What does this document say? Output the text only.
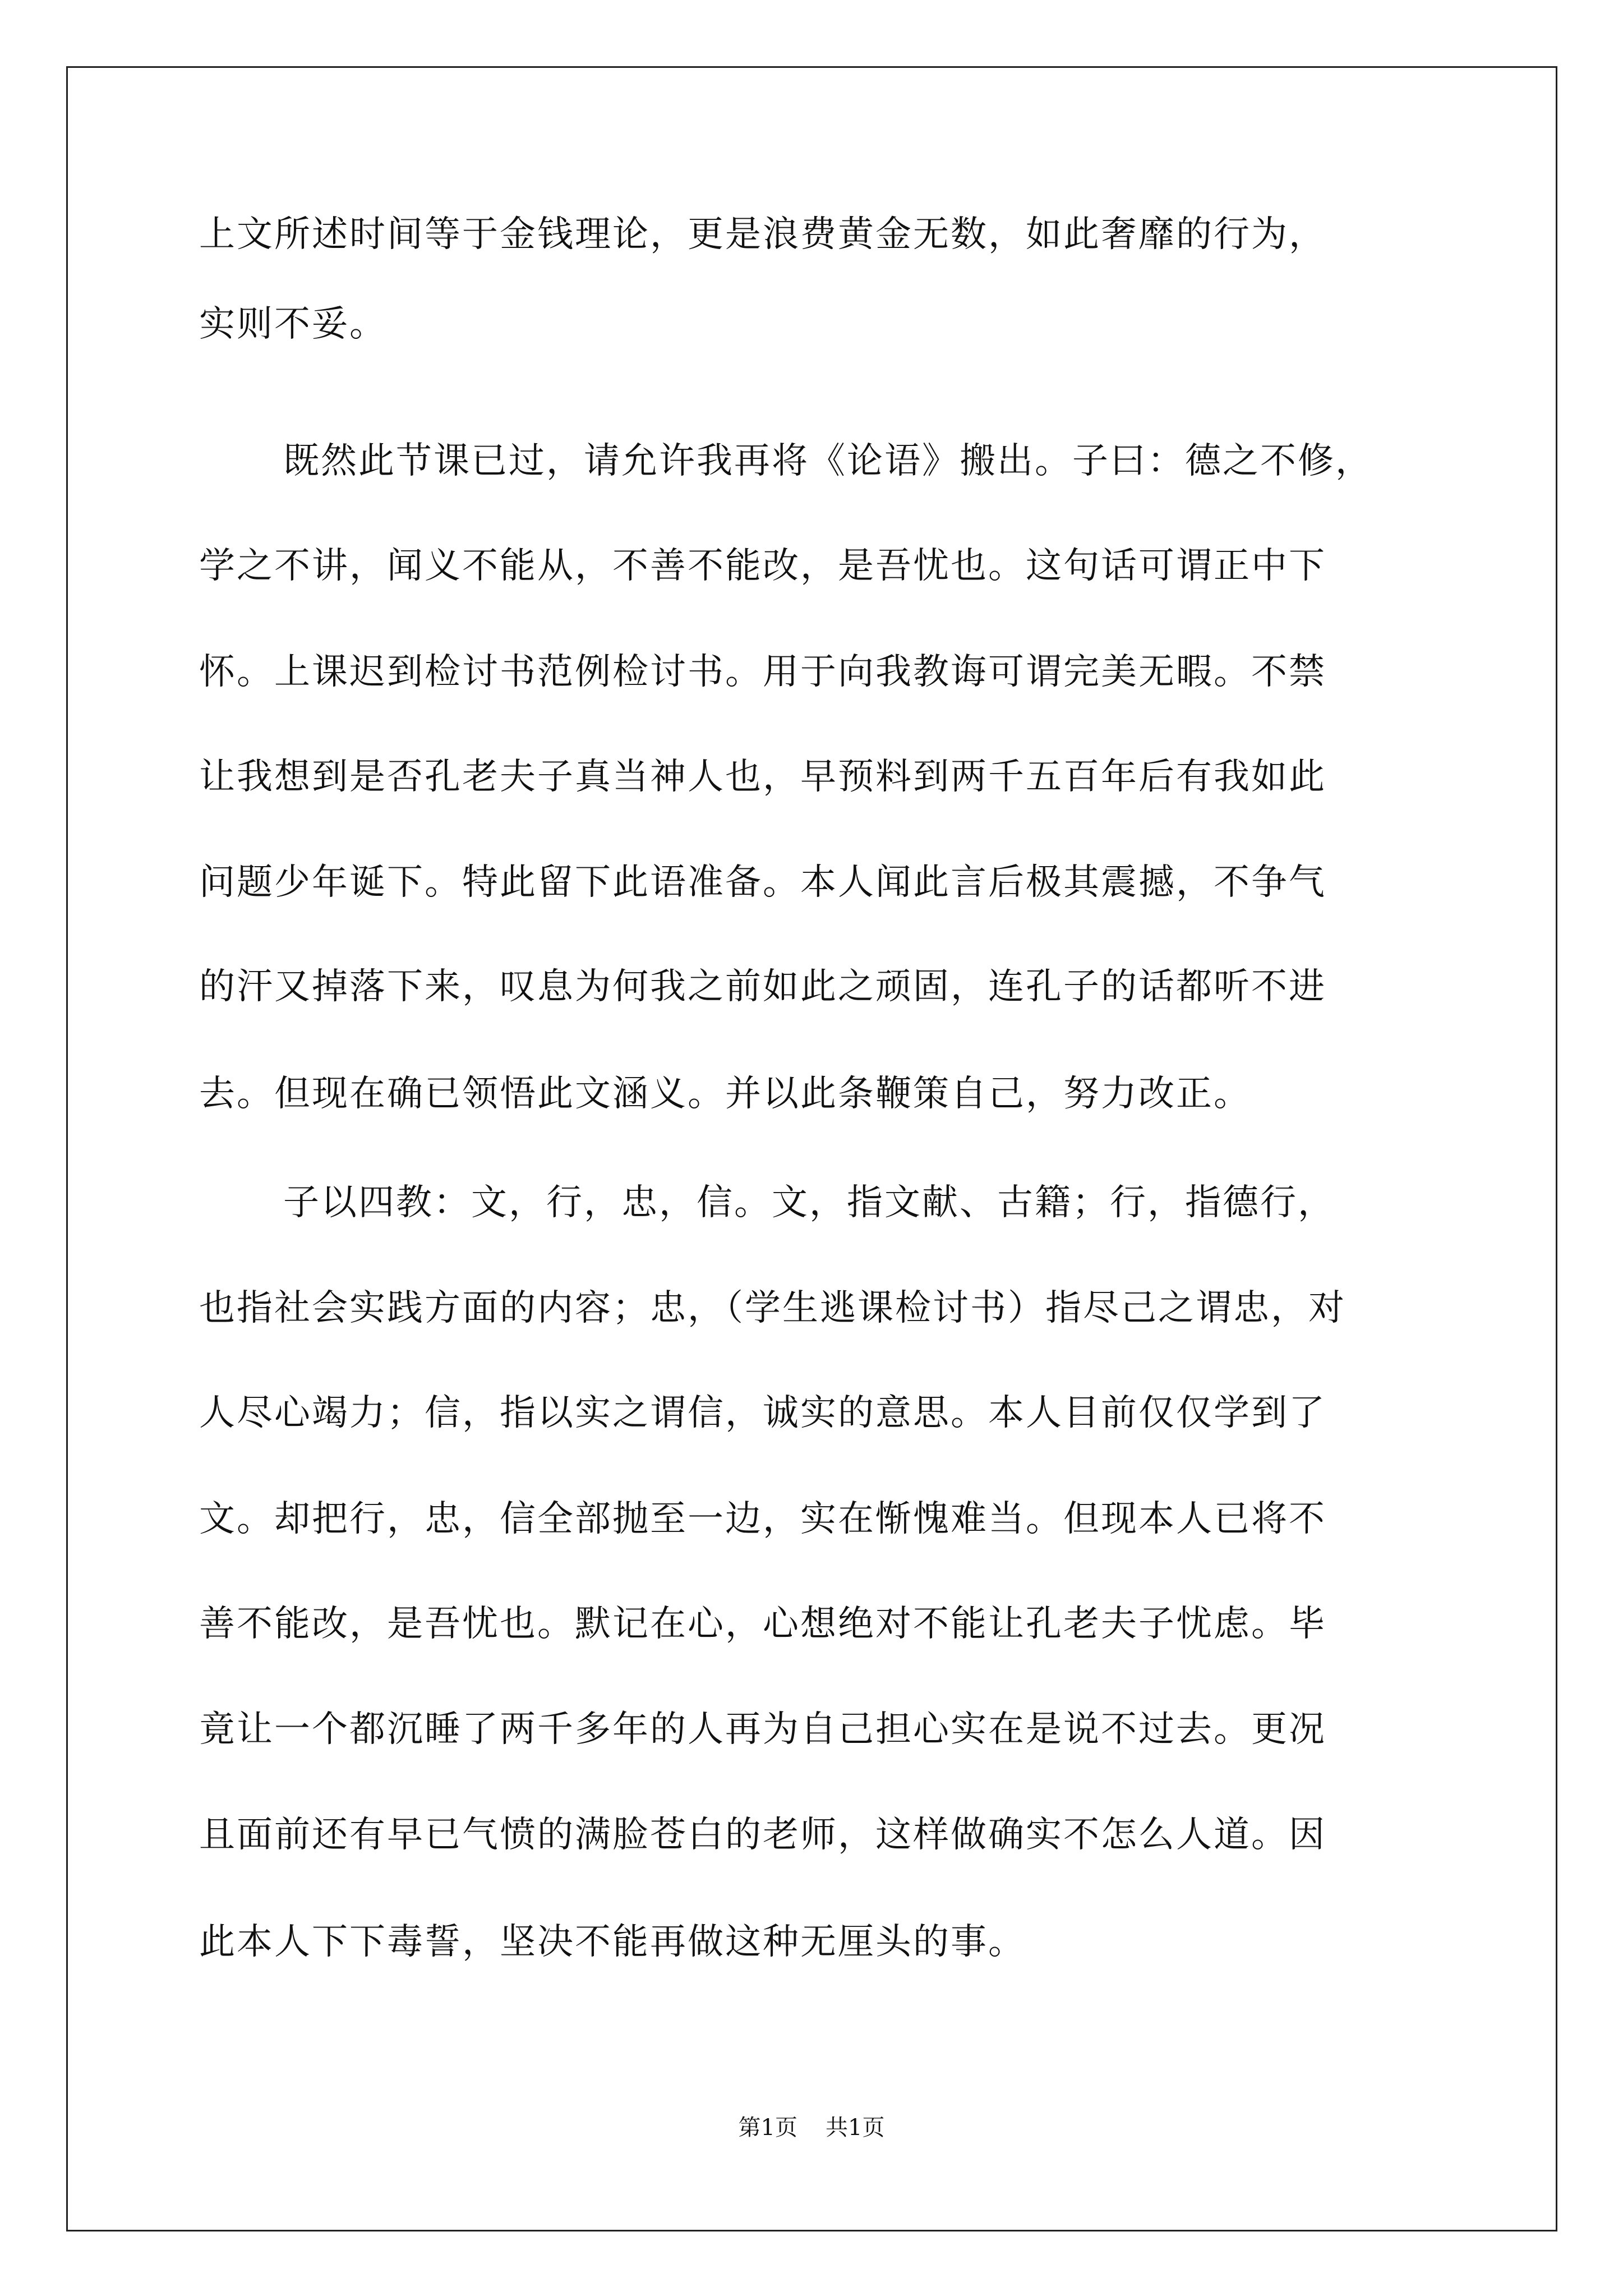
上文所述时间等于金钱理论，更是浪费黄金无数，如此奢靡的行为，
实则不妥。
既然此节课已过，请允许我再将《论语》搬出。子曰：德之不修，
学之不讲，闻义不能从，不善不能改，是吾忧也。这句话可谓正中下
怀。上课迟到检讨书范例检讨书。用于向我教诲可谓完美无暇。不禁
让我想到是否孔老夫子真当神人也，早预料到两千五百年后有我如此
问题少年诞下。特此留下此语准备。本人闻此言后极其震撼，不争气
的汗又掉落下来，叹息为何我之前如此之顽固，连孔子的话都听不进
去。但现在确已领悟此文涵义。并以此条鞭策自己，努力改正。
子以四教：文，行，忠，信。文，指文献、古籍；行，指德行，
也指社会实践方面的内容；忠，（学生逃课检讨书）指尽己之谓忠，对
人尽心竭力；信，指以实之谓信，诚实的意思。本人目前仅仅学到了
文。却把行，忠，信全部抛至一边，实在惭愧难当。但现本人已将不
善不能改，是吾忧也。默记在心，心想绝对不能让孔老夫子忧虑。毕
竟让一个都沉睡了两千多年的人再为自己担心实在是说不过去。更况
且面前还有早已气愤的满脸苍白的老师，这样做确实不怎么人道。因
此本人下下毒誓，坚决不能再做这种无厘头的事。
第1页 共1页
